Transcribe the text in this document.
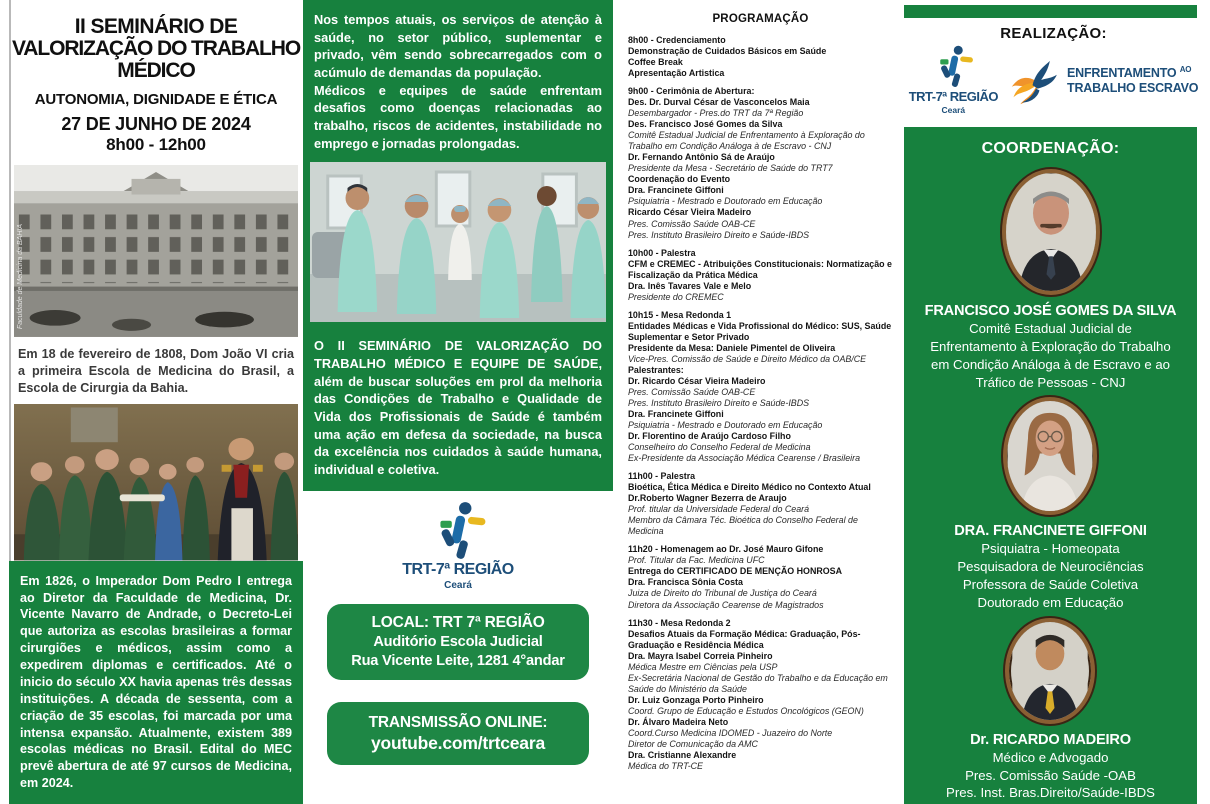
II SEMINÁRIO DE
VALORIZAÇÃO DO TRABALHO MÉDICO
AUTONOMIA, DIGNIDADE E ÉTICA
27 DE JUNHO DE 2024
8h00 - 12h00
Faculdade de Medicina da BAHIA
Em 18 de fevereiro de 1808, Dom João VI cria a primeira Escola de Medicina do Brasil, a Escola de Cirurgia da Bahia.
Em 1826, o Imperador Dom Pedro I entrega ao Diretor da Faculdade de Medicina, Dr. Vicente Navarro de Andrade, o Decreto-Lei que autoriza as escolas brasileiras a formar cirurgiões e médicos, assim como a expedirem diplomas e certificados. Até o inicio do século XX havia apenas três dessas instituições. A década de sessenta, com a criação de 35 escolas, foi marcada por uma intensa expansão. Atualmente, existem 389 escolas médicas no Brasil. Edital do MEC prevê abertura de até 97 cursos de Medicina, em 2024.
Nos tempos atuais, os serviços de atenção à saúde, no setor público, suplementar e privado, vêm sendo sobrecarregados com o acúmulo de demandas da população.
Médicos e equipes de saúde enfrentam desafios como doenças relacionadas ao trabalho, riscos de acidentes, instabilidade no emprego e jornadas prolongadas.
O II SEMINÁRIO DE VALORIZAÇÃO DO TRABALHO MÉDICO E EQUIPE DE SAÚDE, além de buscar soluções em prol da melhoria das Condições de Trabalho e Qualidade de Vida dos Profissionais de Saúde é também uma ação em defesa da sociedade, na busca da excelência nos cuidados à saúde humana, individual e coletiva.
TRT-7ª REGIÃO
Ceará
LOCAL: TRT 7ª REGIÃO
Auditório Escola Judicial
Rua Vicente Leite, 1281 4°andar
TRANSMISSÃO ONLINE:
youtube.com/trtceara
PROGRAMAÇÃO
8h00 - Credenciamento
Demonstração de Cuidados Básicos em Saúde
Coffee Break
Apresentação Artistica
9h00 - Cerimônia de Abertura:
Des. Dr. Durval César de Vasconcelos Maia
Desembargador - Pres.do TRT da 7ª Região
Des. Francisco José Gomes da Silva
Comitê Estadual Judicial de Enfrentamento à Exploração do Trabalho em Condição Análoga à de Escravo - CNJ
Dr. Fernando Antônio Sá de Araújo
Presidente da Mesa - Secretário de Saúde do TRT7
Coordenação do Evento
Dra. Francinete Giffoni
Psiquiatria - Mestrado e Doutorado em Educação
Ricardo César Vieira Madeiro
Pres. Comissão Saúde OAB-CE
Pres. Instituto Brasileiro Direito e Saúde-IBDS
10h00 - Palestra
CFM e CREMEC - Atribuições Constitucionais: Normatização e Fiscalização da Prática Médica
Dra. Inês Tavares Vale e Melo
Presidente do CREMEC
10h15 - Mesa Redonda 1
Entidades Médicas e Vida Profissional do Médico: SUS, Saúde Suplementar e Setor Privado
Presidente da Mesa: Daniele Pimentel de Oliveira
Vice-Pres. Comissão de Saúde e Direito Médico da OAB/CE
Palestrantes:
Dr. Ricardo César Vieira Madeiro
Pres. Comissão Saúde OAB-CE
Pres. Instituto Brasileiro Direito e Saúde-IBDS
Dra. Francinete Giffoni
Psiquiatria - Mestrado e Doutorado em Educação
Dr. Florentino de Araújo Cardoso Filho
Conselheiro do Conselho Federal de Medicina
Ex-Presidente da Associação Médica Cearense / Brasileira
11h00 - Palestra
Bioética, Ética Médica e Direito Médico no Contexto Atual
Dr.Roberto Wagner Bezerra de Araujo
Prof. titular da Universidade Federal do Ceará
Membro da Câmara Téc. Bioética do Conselho Federal de Medicina
11h20 - Homenagem ao Dr. José Mauro Gifone
Prof. Titular da Fac. Medicina UFC
Entrega do CERTIFICADO DE MENÇÃO HONROSA
Dra. Francisca Sônia Costa
Juiza de Direito do Tribunal de Justiça do Ceará
Diretora da Associação Cearense de Magistrados
11h30 - Mesa Redonda 2
Desafios Atuais da Formação Médica: Graduação, Pós- Graduação e Residência Médica
Dra. Mayra Isabel Correia Pinheiro
Médica Mestre em Ciências pela USP
Ex-Secretária Nacional de Gestão do Trabalho e da Educação em Saúde do Ministério da Saúde
Dr. Luiz Gonzaga Porto Pinheiro
Coord. Grupo de Educação e Estudos Oncológicos (GEON)
Dr. Álvaro Madeira Neto
Coord.Curso Medicina IDOMED - Juazeiro do Norte
Diretor de Comunicação da AMC
Dra. Cristianne Alexandre
Médica do TRT-CE
REALIZAÇÃO:
TRT-7ª REGIÃO
Ceará
ENFRENTAMENTO $^{AO}$
TRABALHO ESCRAVO
COORDENAÇÃO:
FRANCISCO JOSÉ GOMES DA SILVA
Comitê Estadual Judicial de
Enfrentamento à Exploração do Trabalho
em Condição Análoga à de Escravo e ao
Tráfico de Pessoas - CNJ
DRA. FRANCINETE GIFFONI
Psiquiatra - Homeopata
Pesquisadora de Neurociências
Professora de Saúde Coletiva
Doutorado em Educação
Dr. RICARDO MADEIRO
Médico e Advogado
Pres. Comissão Saúde -OAB
Pres. Inst. Bras.Direito/Saúde-IBDS
